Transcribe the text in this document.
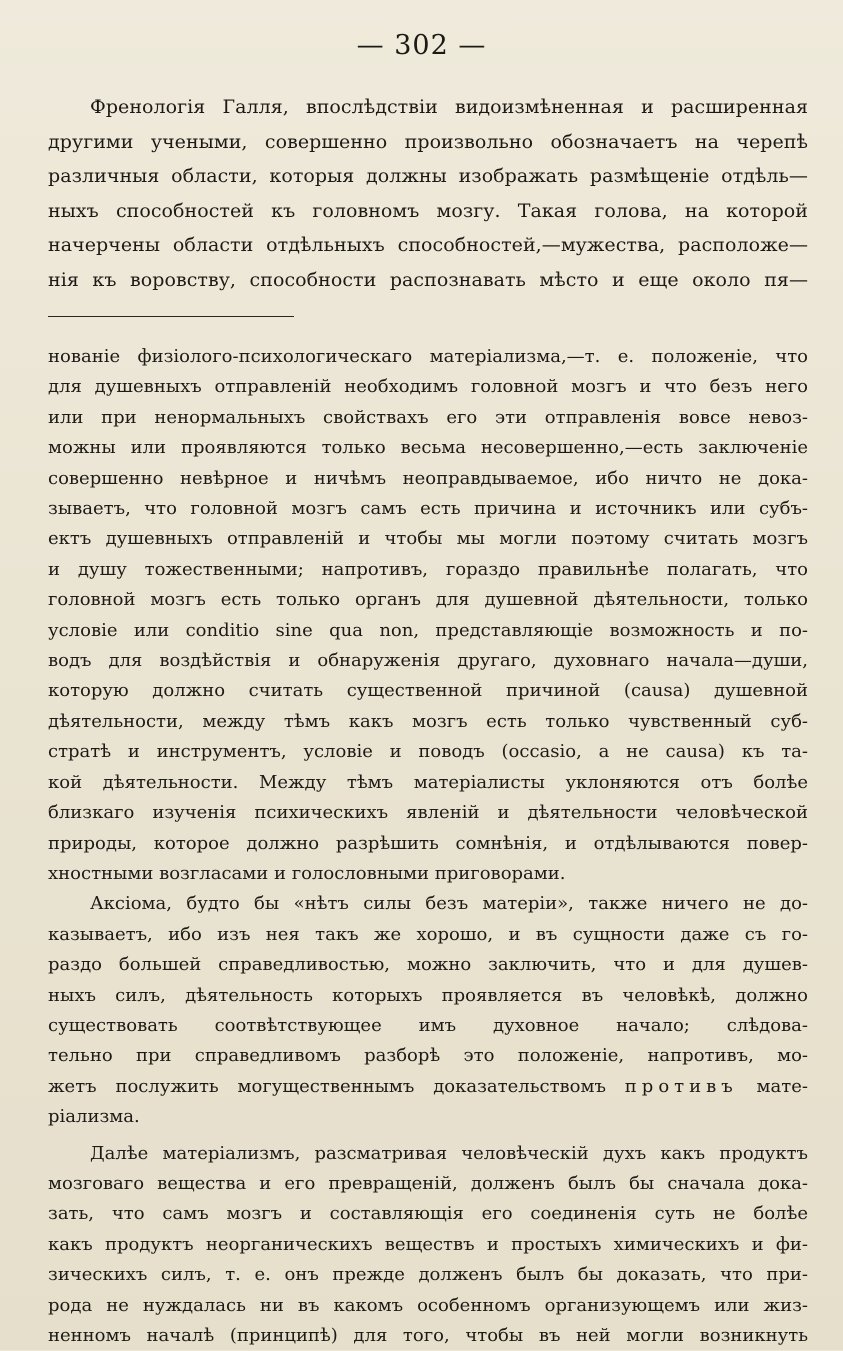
— 302 —
Френологія Галля, впослѣдствіи видоизмѣненная и расширенная
другими учеными, совершенно произвольно обозначаетъ на черепѣ
различныя области, которыя должны изображать размѣщеніе отдѣль—
ныхъ способностей къ головномъ мозгу. Такая голова, на которой
начерчены области отдѣльныхъ способностей,—мужества, расположе—
нія къ воровству, способности распознавать мѣсто и еще около пя—
нованіе физіолого-психологическаго матеріализма,—т. е. положеніе, что
для душевныхъ отправленій необходимъ головной мозгъ и что безъ него
или при ненормальныхъ свойствахъ его эти отправленія вовсе невоз-
можны или проявляются только весьма несовершенно,—есть заключеніе
совершенно невѣрное и ничѣмъ неоправдываемое, ибо ничто не дока-
зываетъ, что головной мозгъ самъ есть причина и источникъ или субъ-
ектъ душевныхъ отправленій и чтобы мы могли поэтому считать мозгъ
и душу тожественными; напротивъ, гораздо правильнѣе полагать, что
головной мозгъ есть только органъ для душевной дѣятельности, только
условіе или conditio sine qua non, представляющіе возможность и по-
водъ для воздѣйствія и обнаруженія другаго, духовнаго начала—души,
которую должно считать существенной причиной (causa) душевной
дѣятельности, между тѣмъ какъ мозгъ есть только чувственный суб-
стратѣ и инструментъ, условіе и поводъ (occasio, а не causa) къ та-
кой дѣятельности. Между тѣмъ матеріалисты уклоняются отъ болѣе
близкаго изученія психическихъ явленій и дѣятельности человѣческой
природы, которое должно разрѣшить сомнѣнія, и отдѣлываются повер-
хностными возгласами и голословными приговорами.
Аксіома, будто бы «нѣтъ силы безъ матеріи», также ничего не до-
казываетъ, ибо изъ нея такъ же хорошо, и въ сущности даже съ го-
раздо большей справедливостью, можно заключить, что и для душев-
ныхъ силъ, дѣятельность которыхъ проявляется въ человѣкѣ, должно
существовать соотвѣтствующее имъ духовное начало; слѣдова-
тельно при справедливомъ разборѣ это положеніе, напротивъ, мо-
жетъ послужить могущественнымъ доказательствомъ противъ мате-
ріализма.
Далѣе матеріализмъ, разсматривая человѣческій духъ какъ продуктъ
мозговаго вещества и его превращеній, долженъ былъ бы сначала дока-
зать, что самъ мозгъ и составляющія его соединенія суть не болѣе
какъ продуктъ неорганическихъ веществъ и простыхъ химическихъ и фи-
зическихъ силъ, т. е. онъ прежде долженъ былъ бы доказать, что при-
рода не нуждалась ни въ какомъ особенномъ организующемъ или жиз-
ненномъ началѣ (принципѣ) для того, чтобы въ ней могли возникнуть
